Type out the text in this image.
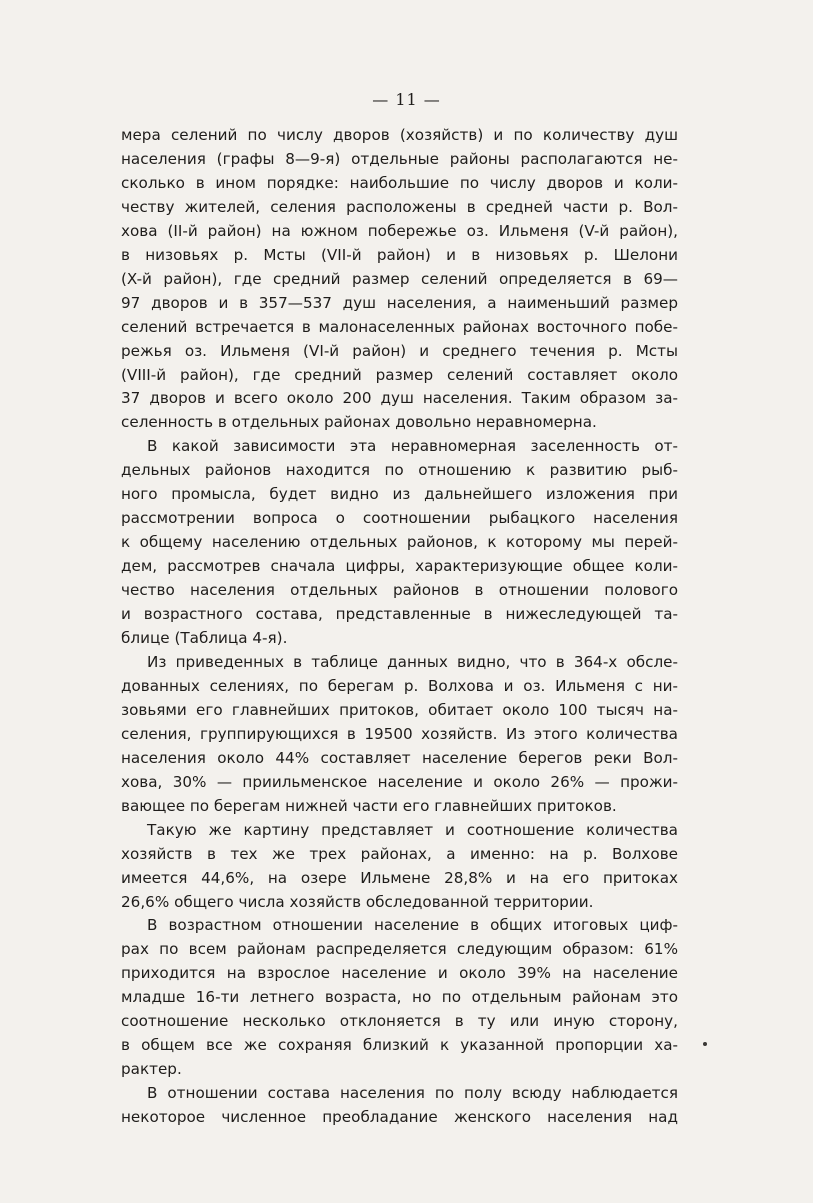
— 11 —

мера селений по числу дворов (хозяйств) и по количеству душ

населения (графы 8—9-я) отдельные районы располагаются не-

сколько в ином порядке: наибольшие по числу дворов и коли-

честву жителей, селения расположены в средней части р. Вол-

хова (II-й район) на южном побережье оз. Ильменя (V-й район),

в низовьях р. Мсты (VII-й район) и в низовьях р. Шелони

(X-й район), где средний размер селений определяется в 69—

97 дворов и в 357—537 душ населения, а наименьший размер

селений встречается в малонаселенных районах восточного побе-

режья оз. Ильменя (VI-й район) и среднего течения р. Мсты

(VIII-й район), где средний размер селений составляет около

37 дворов и всего около 200 душ населения. Таким образом за-

селенность в отдельных районах довольно неравномерна.

В какой зависимости эта неравномерная заселенность от-

дельных районов находится по отношению к развитию рыб-

ного промысла, будет видно из дальнейшего изложения при

рассмотрении вопроса о соотношении рыбацкого населения

к общему населению отдельных районов, к которому мы перей-

дем, рассмотрев сначала цифры, характеризующие общее коли-

чество населения отдельных районов в отношении полового

и возрастного состава, представленные в нижеследующей та-

блице (Таблица 4-я).

Из приведенных в таблице данных видно, что в 364-х обсле-

дованных селениях, по берегам р. Волхова и оз. Ильменя с ни-

зовьями его главнейших притоков, обитает около 100 тысяч на-

селения, группирующихся в 19500 хозяйств. Из этого количества

населения около 44% составляет население берегов реки Вол-

хова, 30% — приильменское население и около 26% — прожи-

вающее по берегам нижней части его главнейших притоков.

Такую же картину представляет и соотношение количества

хозяйств в тех же трех районах, а именно: на р. Волхове

имеется 44,6%, на озере Ильмене 28,8% и на его притоках

26,6% общего числа хозяйств обследованной территории.

В возрастном отношении население в общих итоговых циф-

рах по всем районам распределяется следующим образом: 61%

приходится на взрослое население и около 39% на население

младше 16-ти летнего возраста, но по отдельным районам это

соотношение несколько отклоняется в ту или иную сторону,

в общем все же сохраняя близкий к указанной пропорции ха-

рактер.

В отношении состава населения по полу всюду наблюдается

некоторое численное преобладание женского населения над
